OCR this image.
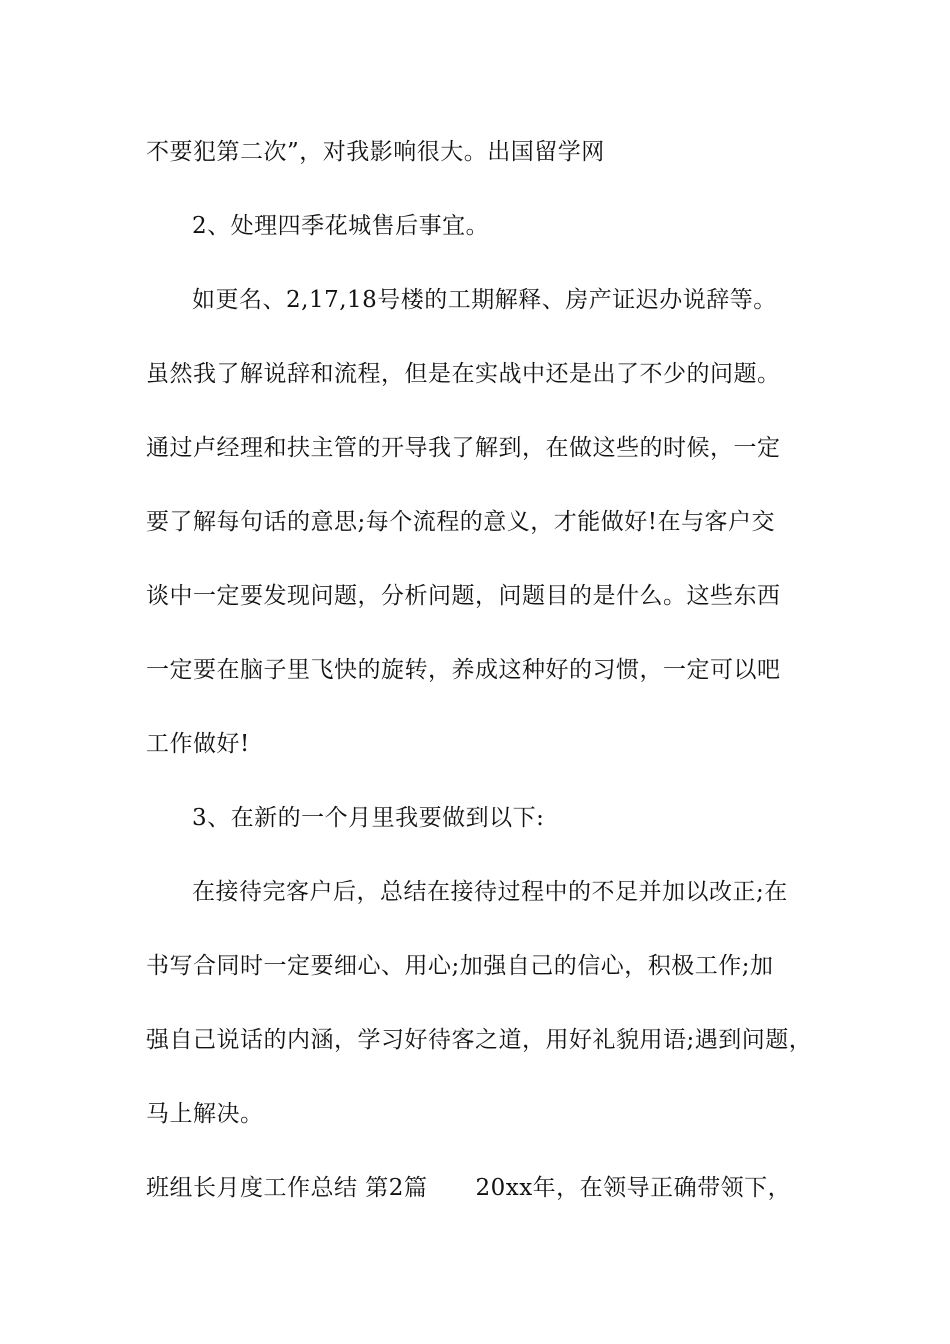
不要犯第二次”，对我影响很大。出国留学网
2、处理四季花城售后事宜。
如更名、2,17,18号楼的工期解释、房产证迟办说辞等。
虽然我了解说辞和流程，但是在实战中还是出了不少的问题。
通过卢经理和扶主管的开导我了解到，在做这些的时候，一定
要了解每句话的意思;每个流程的意义，才能做好!在与客户交
谈中一定要发现问题，分析问题，问题目的是什么。这些东西
一定要在脑子里飞快的旋转，养成这种好的习惯，一定可以吧
工作做好!
3、在新的一个月里我要做到以下:
在接待完客户后，总结在接待过程中的不足并加以改正;在
书写合同时一定要细心、用心;加强自己的信心，积极工作;加
强自己说话的内涵，学习好待客之道，用好礼貌用语;遇到问题，
马上解决。
班组长月度工作总结 第2篇 20xx年，在领导正确带领下，
